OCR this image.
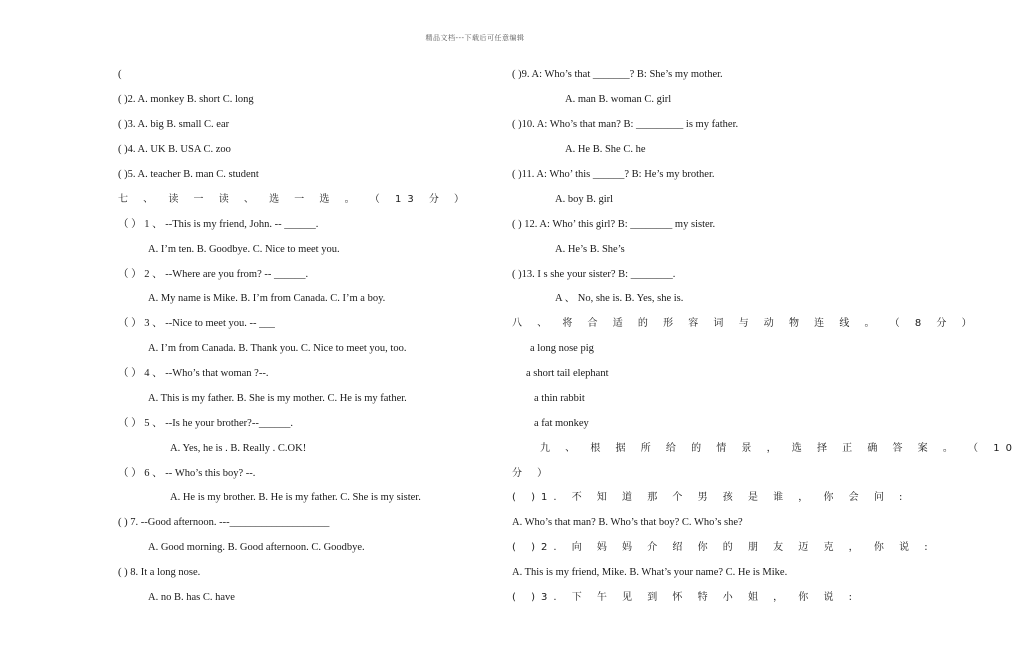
精品文档---下载后可任意编辑
(
( )2. A. monkey B. short C. long
( )3. A. big B. small C. ear
( )4. A. UK B. USA C. zoo
( )5. A. teacher B. man C. student
七 、 读 一 读 、 选 一 选 。 （ 13 分 ）
（ ） 1 、 --This is my friend, John. -- ______.
A. I’m ten. B. Goodbye. C. Nice to meet you.
（ ） 2 、 --Where are you from? -- ______.
A. My name is Mike. B. I’m from Canada. C. I’m a boy.
（ ） 3 、 --Nice to meet you. -- ___
A. I’m from Canada. B. Thank you. C. Nice to meet you, too.
（ ） 4 、 --Who’s that woman ?--.
A. This is my father. B. She is my mother. C. He is my father.
（ ） 5 、 --Is he your brother?--______.
A. Yes, he is . B. Really . C.OK!
（ ） 6 、 -- Who’s this boy? --.
A. He is my brother. B. He is my father. C. She is my sister.
( ) 7. --Good afternoon. ---___________________
A. Good morning. B. Good afternoon. C. Goodbye.
( ) 8. It a long nose.
A. no B. has C. have
( )9. A: Who’s that _______? B: She’s my mother.
A. man B. woman C. girl
( )10. A: Who’s that man? B: _________ is my father.
A. He B. She C. he
( )11. A: Who’ this ______? B: He’s my brother.
A. boy B. girl
( ) 12. A: Who’ this girl? B: ________ my sister.
A. He’s B. She’s
( )13. I s she your sister? B: ________.
A 、 No, she is. B. Yes, she is.
八 、 将 合 适 的 形 容 词 与 动 物 连 线 。 （ 8 分 ）
a long nose pig
a short tail elephant
a thin rabbit
a fat monkey
九 、 根 据 所 给 的 情 景 ， 选 择 正 确 答 案 。 （ 10
分 ）
( )1. 不 知 道 那 个 男 孩 是 谁 ， 你 会 问 :
A. Who’s that man? B. Who’s that boy? C. Who’s she?
( )2. 向 妈 妈 介 绍 你 的 朋 友 迈 克 ， 你 说 :
A. This is my friend, Mike. B. What’s your name? C. He is Mike.
( )3. 下 午 见 到 怀 特 小 姐 ， 你 说 :
